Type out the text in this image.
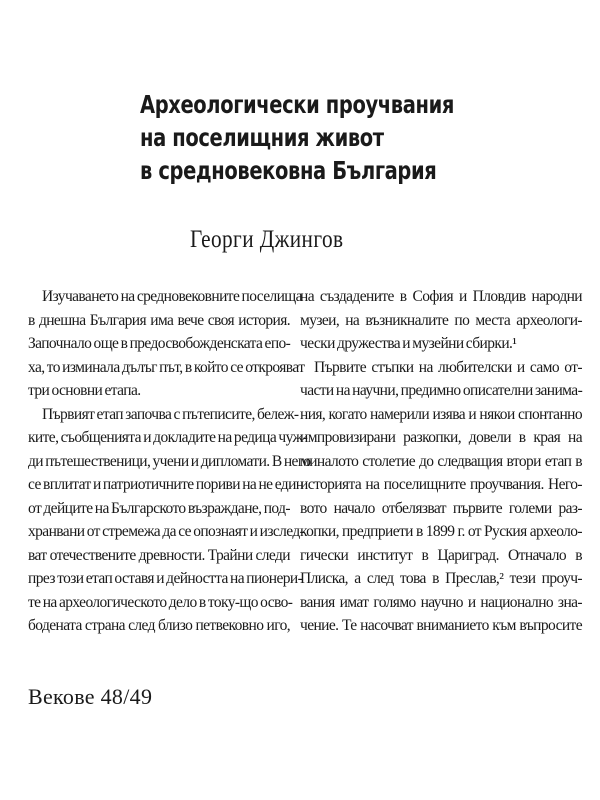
Археологически проучвания
на поселищния живот
в средновековна България
Георги Джингов
Изучаването на средновековните поселища
в днешна България има вече своя история.
Започнало още в предосвобожденската епо-
ха, то изминала дълъг път, в който се открояват
три основни етапа.
Първият етап започва с пътеписите, бележ-
ките, съобщенията и докладите на редица чуж-
ди пътешественици, учени и дипломати. В него
се вплитат и патриотичните пориви на не един
от дейците на Българското възраждане, под-
хранвани от стремежа да се опознаят и изслед-
ват отечествените древности. Трайни следи
през този етап оставя и дейността на пионери-
те на археологическото дело в току-що осво-
бодената страна след близо петвековно иго,
на създадените в София и Пловдив народни
музеи, на възникналите по места археологи-
чески дружества и музейни сбирки.¹
Първите стъпки на любителски и само от-
части на научни, предимно описателни занима-
ния, когато намерили изява и някои спонтанно
импровизирани разкопки, довели в края на
миналото столетие до следващия втори етап в
историята на поселищните проучвания. Него-
вото начало отбелязват първите големи раз-
копки, предприети в 1899 г. от Руския археоло-
гически институт в Цариград. Отначало в
Плиска, а след това в Преслав,² тези проуч-
вания имат голямо научно и национално зна-
чение. Те насочват вниманието към въпросите
Векове 48/49
